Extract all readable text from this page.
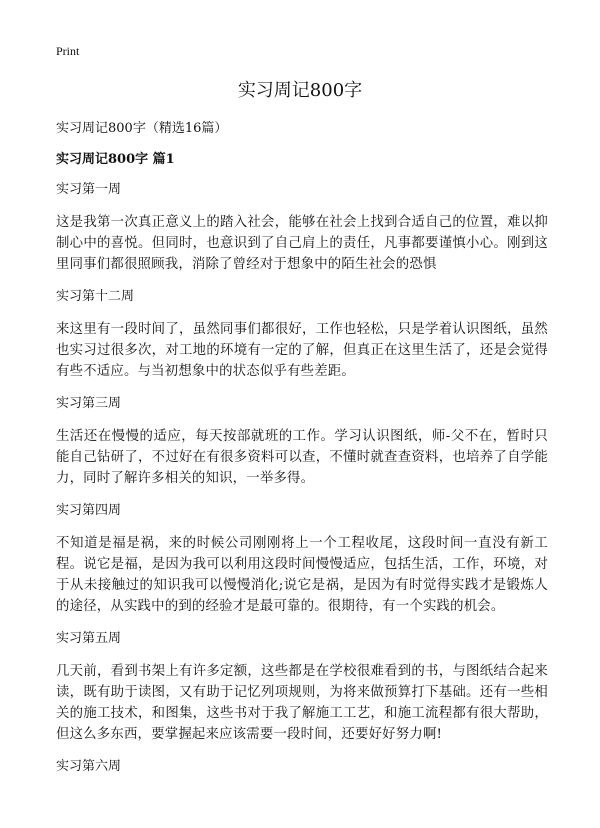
Print
实习周记800字

实习周记800字（精选16篇）

实习周记800字 篇1

实习第一周

这是我第一次真正意义上的踏入社会，能够在社会上找到合适自己的位置，难以抑制心中的喜悦。但同时，也意识到了自己肩上的责任，凡事都要谨慎小心。刚到这里同事们都很照顾我，消除了曾经对于想象中的陌生社会的恐惧

实习第十二周

来这里有一段时间了，虽然同事们都很好，工作也轻松，只是学着认识图纸，虽然也实习过很多次，对工地的环境有一定的了解，但真正在这里生活了，还是会觉得有些不适应。与当初想象中的状态似乎有些差距。

实习第三周

生活还在慢慢的适应，每天按部就班的工作。学习认识图纸，师-父不在，暂时只能自己钻研了，不过好在有很多资料可以查，不懂时就查查资料，也培养了自学能力，同时了解许多相关的知识，一举多得。

实习第四周

不知道是福是祸，来的时候公司刚刚将上一个工程收尾，这段时间一直没有新工程。说它是福，是因为我可以利用这段时间慢慢适应，包括生活，工作，环境，对于从未接触过的知识我可以慢慢消化;说它是祸，是因为有时觉得实践才是锻炼人的途径，从实践中的到的经验才是最可靠的。很期待，有一个实践的机会。

实习第五周

几天前，看到书架上有许多定额，这些都是在学校很难看到的书，与图纸结合起来读，既有助于读图，又有助于记忆列项规则，为将来做预算打下基础。还有一些相关的施工技术，和图集，这些书对于我了解施工工艺，和施工流程都有很大帮助，但这么多东西，要掌握起来应该需要一段时间，还要好好努力啊!

实习第六周
